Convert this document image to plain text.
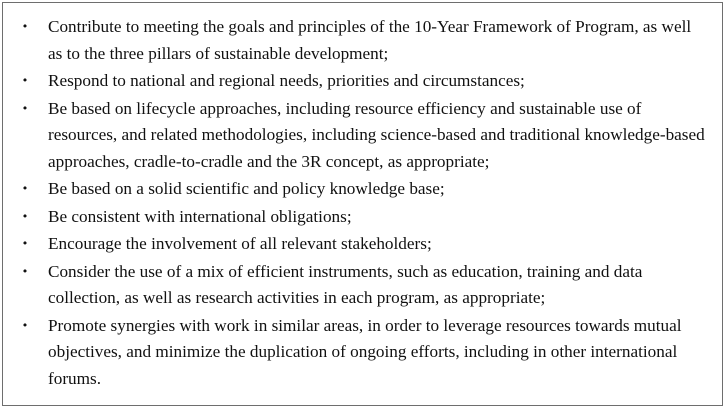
• Contribute to meeting the goals and principles of the 10-Year Framework of Program, as well as to the three pillars of sustainable development;
• Respond to national and regional needs, priorities and circumstances;
• Be based on lifecycle approaches, including resource efficiency and sustainable use of resources, and related methodologies, including science-based and traditional knowledge-based approaches, cradle-to-cradle and the 3R concept, as appropriate;
• Be based on a solid scientific and policy knowledge base;
• Be consistent with international obligations;
• Encourage the involvement of all relevant stakeholders;
• Consider the use of a mix of efficient instruments, such as education, training and data collection, as well as research activities in each program, as appropriate;
• Promote synergies with work in similar areas, in order to leverage resources towards mutual objectives, and minimize the duplication of ongoing efforts, including in other international forums.
